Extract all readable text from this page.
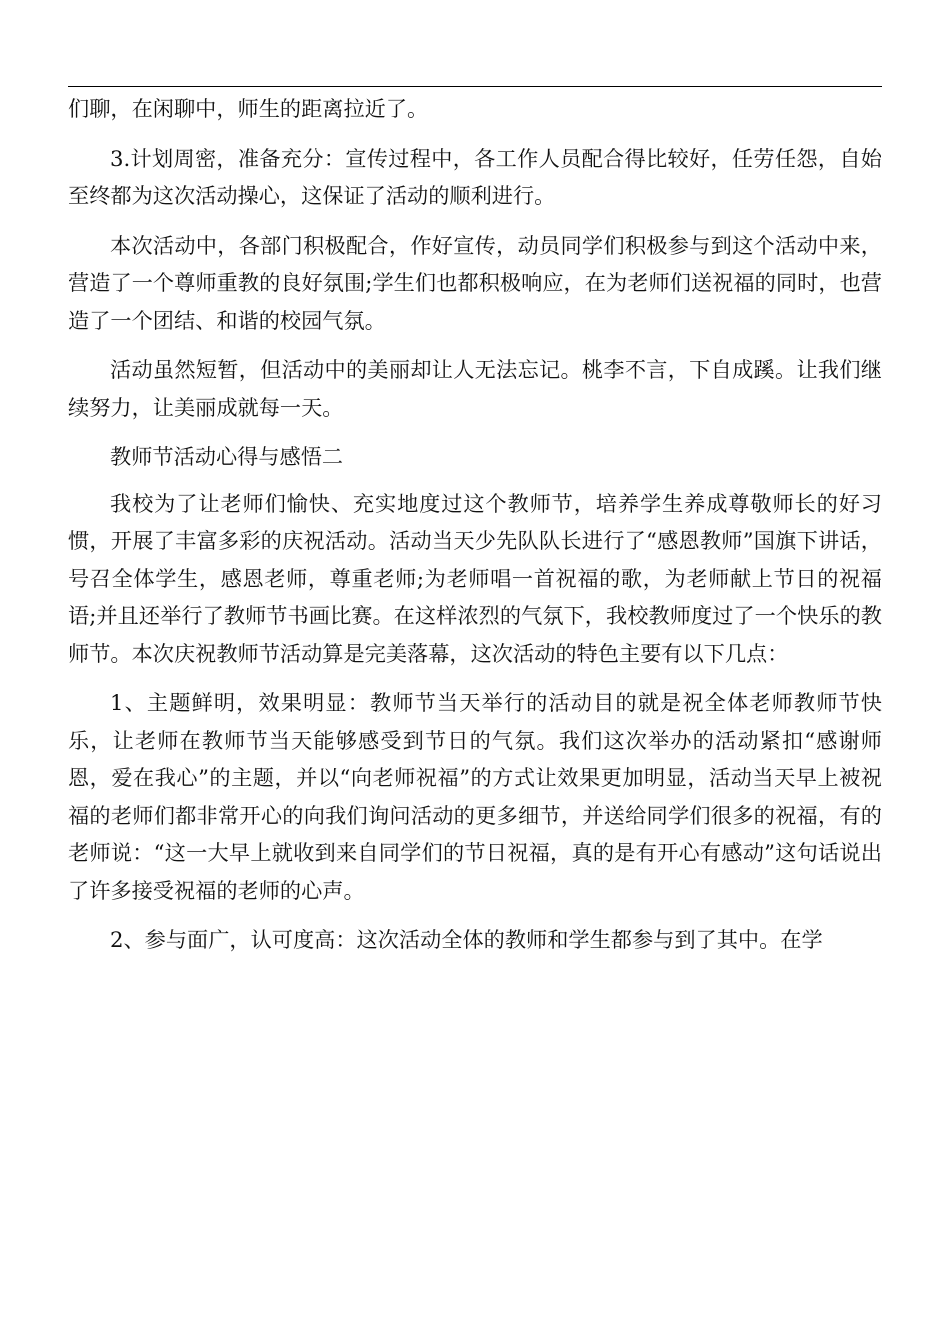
们聊，在闲聊中，师生的距离拉近了。

3.计划周密，准备充分：宣传过程中，各工作人员配合得比较好，任劳任怨，自始至终都为这次活动操心，这保证了活动的顺利进行。

本次活动中，各部门积极配合，作好宣传，动员同学们积极参与到这个活动中来，营造了一个尊师重教的良好氛围;学生们也都积极响应，在为老师们送祝福的同时，也营造了一个团结、和谐的校园气氛。

活动虽然短暂，但活动中的美丽却让人无法忘记。桃李不言，下自成蹊。让我们继续努力，让美丽成就每一天。

教师节活动心得与感悟二

我校为了让老师们愉快、充实地度过这个教师节，培养学生养成尊敬师长的好习惯，开展了丰富多彩的庆祝活动。活动当天少先队队长进行了“感恩教师”国旗下讲话，号召全体学生，感恩老师，尊重老师;为老师唱一首祝福的歌，为老师献上节日的祝福语;并且还举行了教师节书画比赛。在这样浓烈的气氛下，我校教师度过了一个快乐的教师节。本次庆祝教师节活动算是完美落幕，这次活动的特色主要有以下几点：

1、主题鲜明，效果明显：教师节当天举行的活动目的就是祝全体老师教师节快乐，让老师在教师节当天能够感受到节日的气氛。我们这次举办的活动紧扣“感谢师恩，爱在我心”的主题，并以“向老师祝福”的方式让效果更加明显，活动当天早上被祝福的老师们都非常开心的向我们询问活动的更多细节，并送给同学们很多的祝福，有的老师说：“这一大早上就收到来自同学们的节日祝福，真的是有开心有感动”这句话说出了许多接受祝福的老师的心声。

2、参与面广，认可度高：这次活动全体的教师和学生都参与到了其中。在学
